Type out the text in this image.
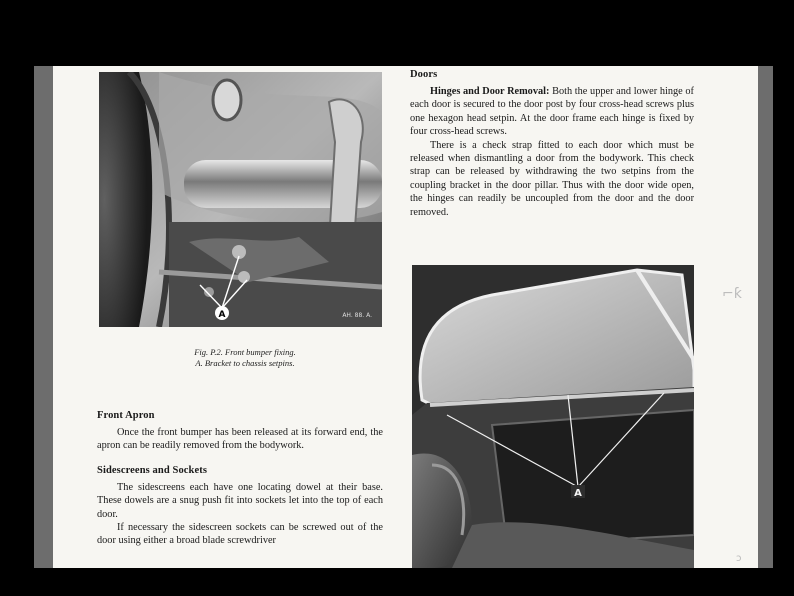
A	AH. 88. A.
Fig. P.2. Front bumper fixing.

A. Bracket to chassis setpins.
Doors

Hinges and Door Removal: Both the upper and lower hinge of each door is secured to the door post by four cross-head screws plus one hexagon head setpin. At the door frame each hinge is fixed by four cross-head screws.

There is a check strap fitted to each door which must be released when dismantling a door from the bodywork. This check strap can be released by withdrawing the two setpins from the coupling bracket in the door pillar. Thus with the door wide open, the hinges can readily be uncoupled from the door and the door removed.

A
Front Apron

Once the front bumper has been released at its forward end, the apron can be readily removed from the bodywork.

Sidescreens and Sockets

The sidescreens each have one locating dowel at their base. These dowels are a snug push fit into sockets let into the top of each door.

If necessary the sidescreen sockets can be screwed out of the door using either a broad blade screwdriver

⌐ƙ
ↄ
